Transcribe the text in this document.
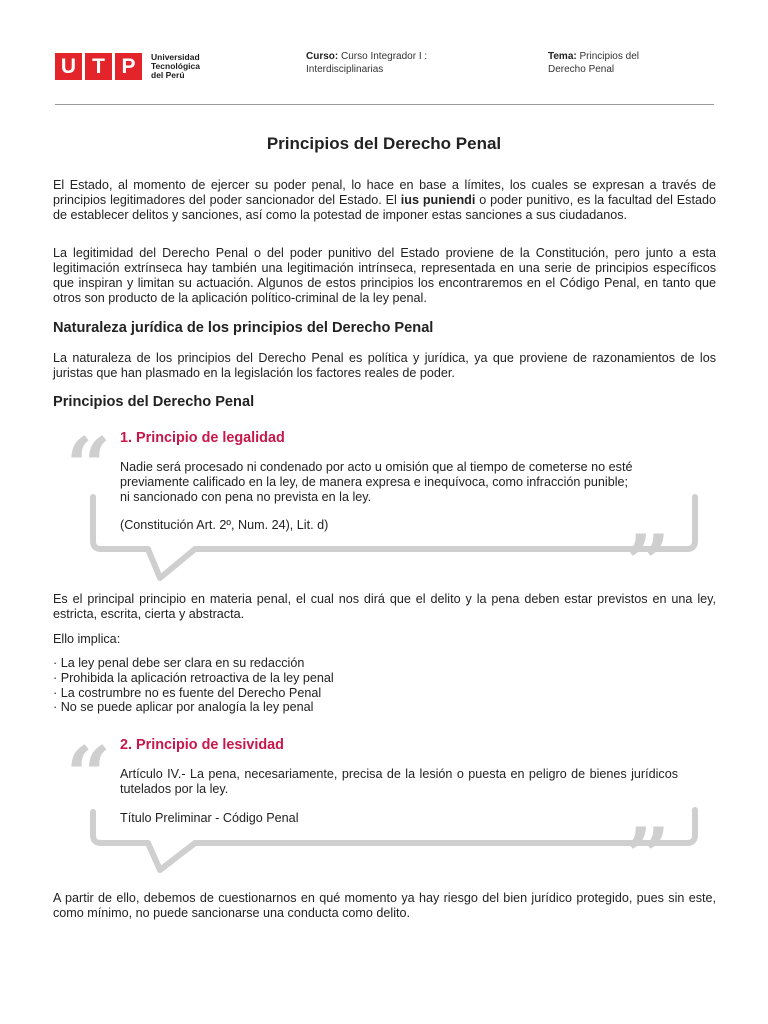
U T P	Universidad
Tecnológica
del Perú
Curso: Curso Integrador I :
Interdisciplinarias
Tema: Principios del
Derecho Penal
Principios del Derecho Penal

El Estado, al momento de ejercer su poder penal, lo hace en base a límites, los cuales se expresan a través de principios legitimadores del poder sancionador del Estado. El ius puniendi o poder punitivo, es la facultad del Estado de establecer delitos y sanciones, así como la potestad de imponer estas sanciones a sus ciudadanos.

La legitimidad del Derecho Penal o del poder punitivo del Estado proviene de la Constitución, pero junto a esta legitimación extrínseca hay también una legitimación intrínseca, representada en una serie de principios específicos que inspiran y limitan su actuación. Algunos de estos principios los encontraremos en el Código Penal, en tanto que otros son producto de la aplicación político-criminal de la ley penal.

Naturaleza jurídica de los principios del Derecho Penal

La naturaleza de los principios del Derecho Penal es política y jurídica, ya que proviene de razonamientos de los juristas que han plasmado en la legislación los factores reales de poder.

Principios del Derecho Penal
“
”
1. Principio de legalidad

Nadie será procesado ni condenado por acto u omisión que al tiempo de cometerse no esté

previamente calificado en la ley, de manera expresa e inequívoca, como infracción punible;

ni sancionado con pena no prevista en la ley.

(Constitución Art. 2º, Num. 24), Lit. d)

Es el principal principio en materia penal, el cual nos dirá que el delito y la pena deben estar previstos en una ley, estricta, escrita, cierta y abstracta.

Ello implica:

· La ley penal debe ser clara en su redacción
· Prohibida la aplicación retroactiva de la ley penal
· La costrumbre no es fuente del Derecho Penal
· No se puede aplicar por analogía la ley penal
“
”
2. Principio de lesividad

Artículo IV.- La pena, necesariamente, precisa de la lesión o puesta en peligro de bienes jurídicos tutelados por la ley.

Título Preliminar - Código Penal

A partir de ello, debemos de cuestionarnos en qué momento ya hay riesgo del bien jurídico protegido, pues sin este, como mínimo, no puede sancionarse una conducta como delito.
